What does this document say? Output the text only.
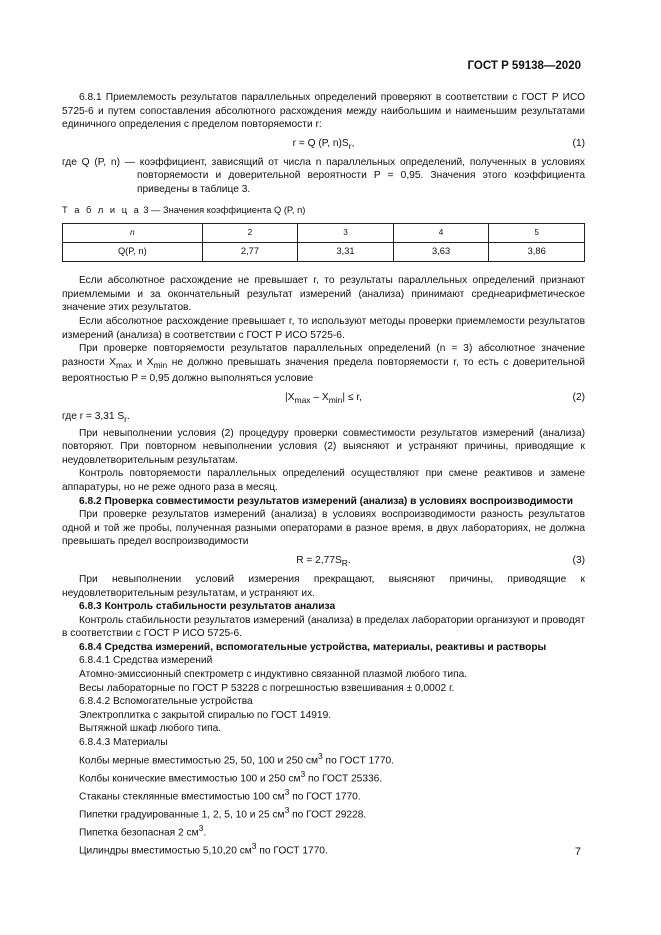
ГОСТ Р 59138—2020

6.8.1 Приемлемость результатов параллельных определений проверяют в соответствии с ГОСТ Р ИСО 5725-6 и путем сопоставления абсолютного расхождения между наибольшим и наименьшим результатами единичного определения с пределом повторяемости r:

r = Q (P, $n)S_r$,	(1)

где Q (P, n) — коэффициент, зависящий от числа n параллельных определений, полученных в условиях повторяемости и доверительной вероятности P = 0,95. Значения этого коэффициента приведены в таблице 3.

Т а б л и ц а 3 — Значения коэффициента Q (P, n)
n	2	3	4	5
Q(P, n)	2,77	3,31	3,63	3,86

Если абсолютное расхождение не превышает r, то результаты параллельных определений признают приемлемыми и за окончательный результат измерений (анализа) принимают среднеарифметическое значение этих результатов.

Если абсолютное расхождение превышает r, то используют методы проверки приемлемости результатов измерений (анализа) в соответствии с ГОСТ Р ИСО 5725-6.

При проверке повторяемости результатов параллельных определений (n = 3) абсолютное значение разности $X_{max}$ и $X_{min}$ не должно превышать значения предела повторяемости r, то есть с доверительной вероятностью P = 0,95 должно выполняться условие

$|X_{max} - X_{min}| \le r$,	(2)

где r = 3,31 $S_r$.

При невыполнении условия (2) процедуру проверки совместимости результатов измерений (анализа) повторяют. При повторном невыполнении условия (2) выясняют и устраняют причины, приводящие к неудовлетворительным результатам.

Контроль повторяемости параллельных определений осуществляют при смене реактивов и замене аппаратуры, но не реже одного раза в месяц.

6.8.2 Проверка совместимости результатов измерений (анализа) в условиях воспроизводимости

При проверке результатов измерений (анализа) в условиях воспроизводимости разность результатов одной и той же пробы, полученная разными операторами в разное время, в двух лабораториях, не должна превышать предел воспроизводимости

$R = 2,77S_R$.	(3)

При невыполнении условий измерения прекращают, выясняют причины, приводящие к неудовлетворительным результатам, и устраняют их.

6.8.3 Контроль стабильности результатов анализа

Контроль стабильности результатов измерений (анализа) в пределах лаборатории организуют и проводят в соответствии с ГОСТ Р ИСО 5725-6.

6.8.4 Средства измерений, вспомогательные устройства, материалы, реактивы и растворы

6.8.4.1 Средства измерений

Атомно-эмиссионный спектрометр с индуктивно связанной плазмой любого типа.

Весы лабораторные по ГОСТ Р 53228 с погрешностью взвешивания ± 0,0002 г.

6.8.4.2 Вспомогательные устройства

Электроплитка с закрытой спиралью по ГОСТ 14919.

Вытяжной шкаф любого типа.

6.8.4.3 Материалы

Колбы мерные вместимостью 25, 50, 100 и 250 $см^3$ по ГОСТ 1770.

Колбы конические вместимостью 100 и 250 $см^3$ по ГОСТ 25336.

Стаканы стеклянные вместимостью 100 $см^3$ по ГОСТ 1770.

Пипетки градуированные 1, 2, 5, 10 и 25 $см^3$ по ГОСТ 29228.

Пипетка безопасная 2 $см^3$.

Цилиндры вместимостью 5,10,20 $см^3$ по ГОСТ 1770.	7
